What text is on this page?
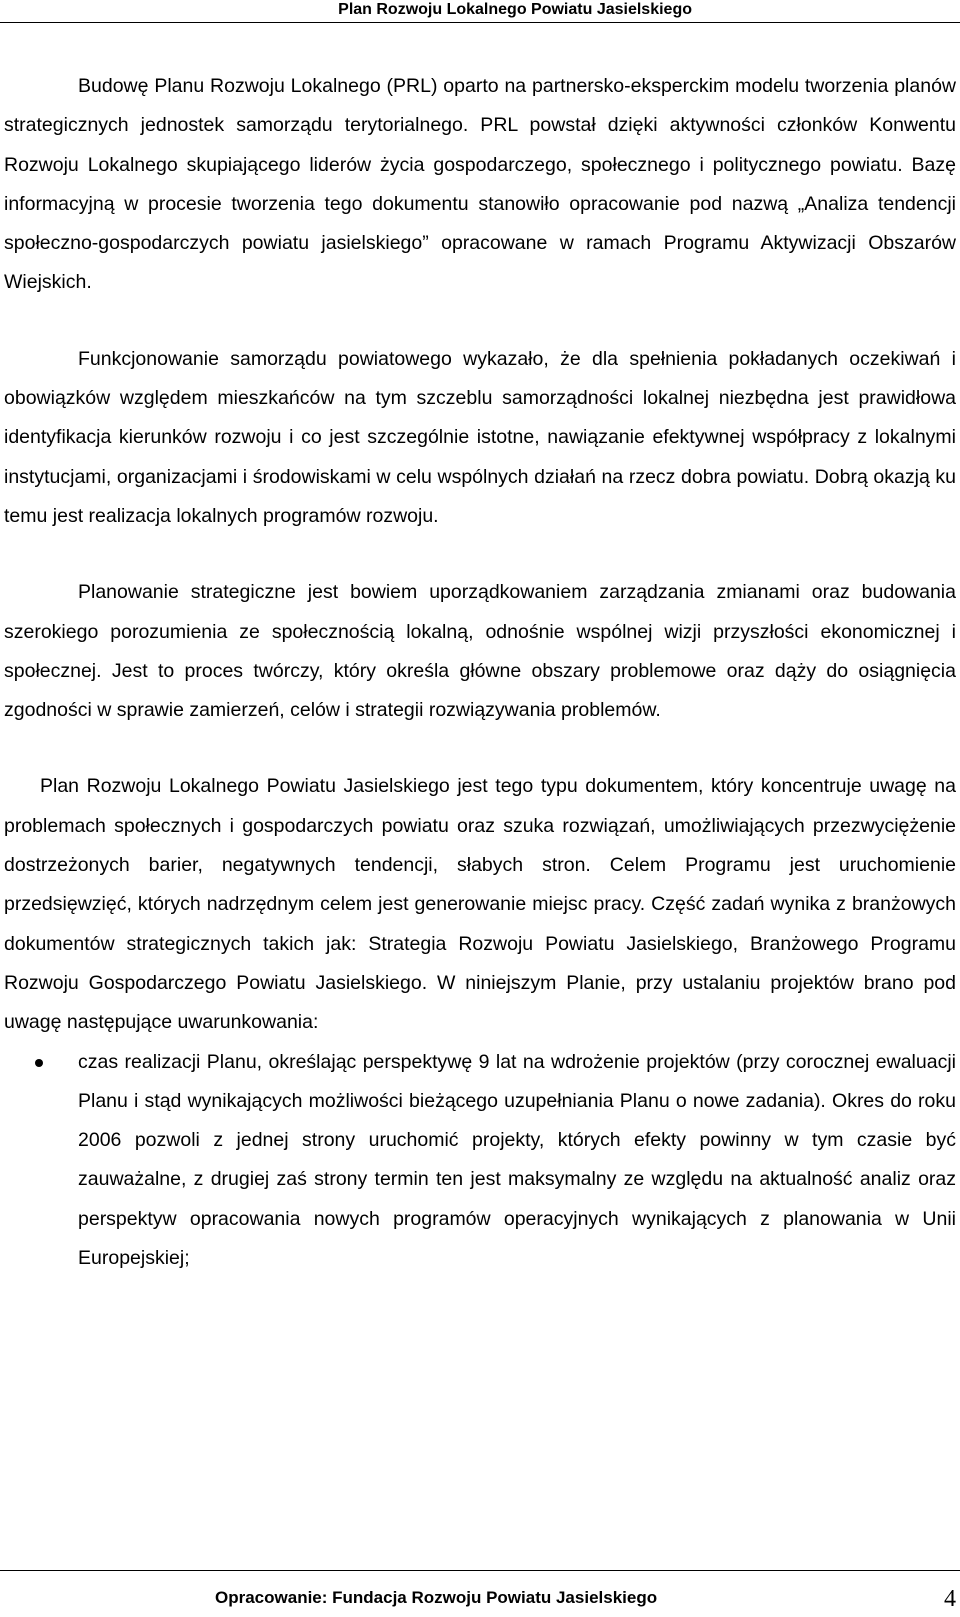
Plan Rozwoju Lokalnego Powiatu Jasielskiego

Budowę Planu Rozwoju Lokalnego (PRL) oparto na partnersko-eksperckim modelu tworzenia planów strategicznych jednostek samorządu terytorialnego. PRL powstał dzięki aktywności członków Konwentu Rozwoju Lokalnego skupiającego liderów życia gospodarczego, społecznego i politycznego powiatu. Bazę informacyjną w procesie tworzenia tego dokumentu stanowiło opracowanie pod nazwą „Analiza tendencji społeczno-gospodarczych powiatu jasielskiego” opracowane w ramach Programu Aktywizacji Obszarów Wiejskich.

Funkcjonowanie samorządu powiatowego wykazało, że dla spełnienia pokładanych oczekiwań i obowiązków względem mieszkańców na tym szczeblu samorządności lokalnej niezbędna jest prawidłowa identyfikacja kierunków rozwoju i co jest szczególnie istotne, nawiązanie efektywnej współpracy z lokalnymi instytucjami, organizacjami i środowiskami w celu wspólnych działań na rzecz dobra powiatu. Dobrą okazją ku temu jest realizacja lokalnych programów rozwoju.

Planowanie strategiczne jest bowiem uporządkowaniem zarządzania zmianami oraz budowania szerokiego porozumienia ze społecznością lokalną, odnośnie wspólnej wizji przyszłości ekonomicznej i społecznej. Jest to proces twórczy, który określa główne obszary problemowe oraz dąży do osiągnięcia zgodności w sprawie zamierzeń, celów i strategii rozwiązywania problemów.

Plan Rozwoju Lokalnego Powiatu Jasielskiego jest tego typu dokumentem, który koncentruje uwagę na problemach społecznych i gospodarczych powiatu oraz szuka rozwiązań, umożliwiających przezwyciężenie dostrzeżonych barier, negatywnych tendencji, słabych stron. Celem Programu jest uruchomienie przedsięwzięć, których nadrzędnym celem jest generowanie miejsc pracy. Część zadań wynika z branżowych dokumentów strategicznych takich jak: Strategia Rozwoju Powiatu Jasielskiego, Branżowego Programu Rozwoju Gospodarczego Powiatu Jasielskiego. W niniejszym Planie, przy ustalaniu projektów brano pod uwagę następujące uwarunkowania:

czas realizacji Planu, określając perspektywę 9 lat na wdrożenie projektów (przy corocznej ewaluacji Planu i stąd wynikających możliwości bieżącego uzupełniania Planu o nowe zadania). Okres do roku 2006 pozwoli z jednej strony uruchomić projekty, których efekty powinny w tym czasie być zauważalne, z drugiej zaś strony termin ten jest maksymalny ze względu na aktualność analiz oraz perspektyw opracowania nowych programów operacyjnych wynikających z planowania w Unii Europejskiej;
Opracowanie: Fundacja Rozwoju Powiatu Jasielskiego	4
